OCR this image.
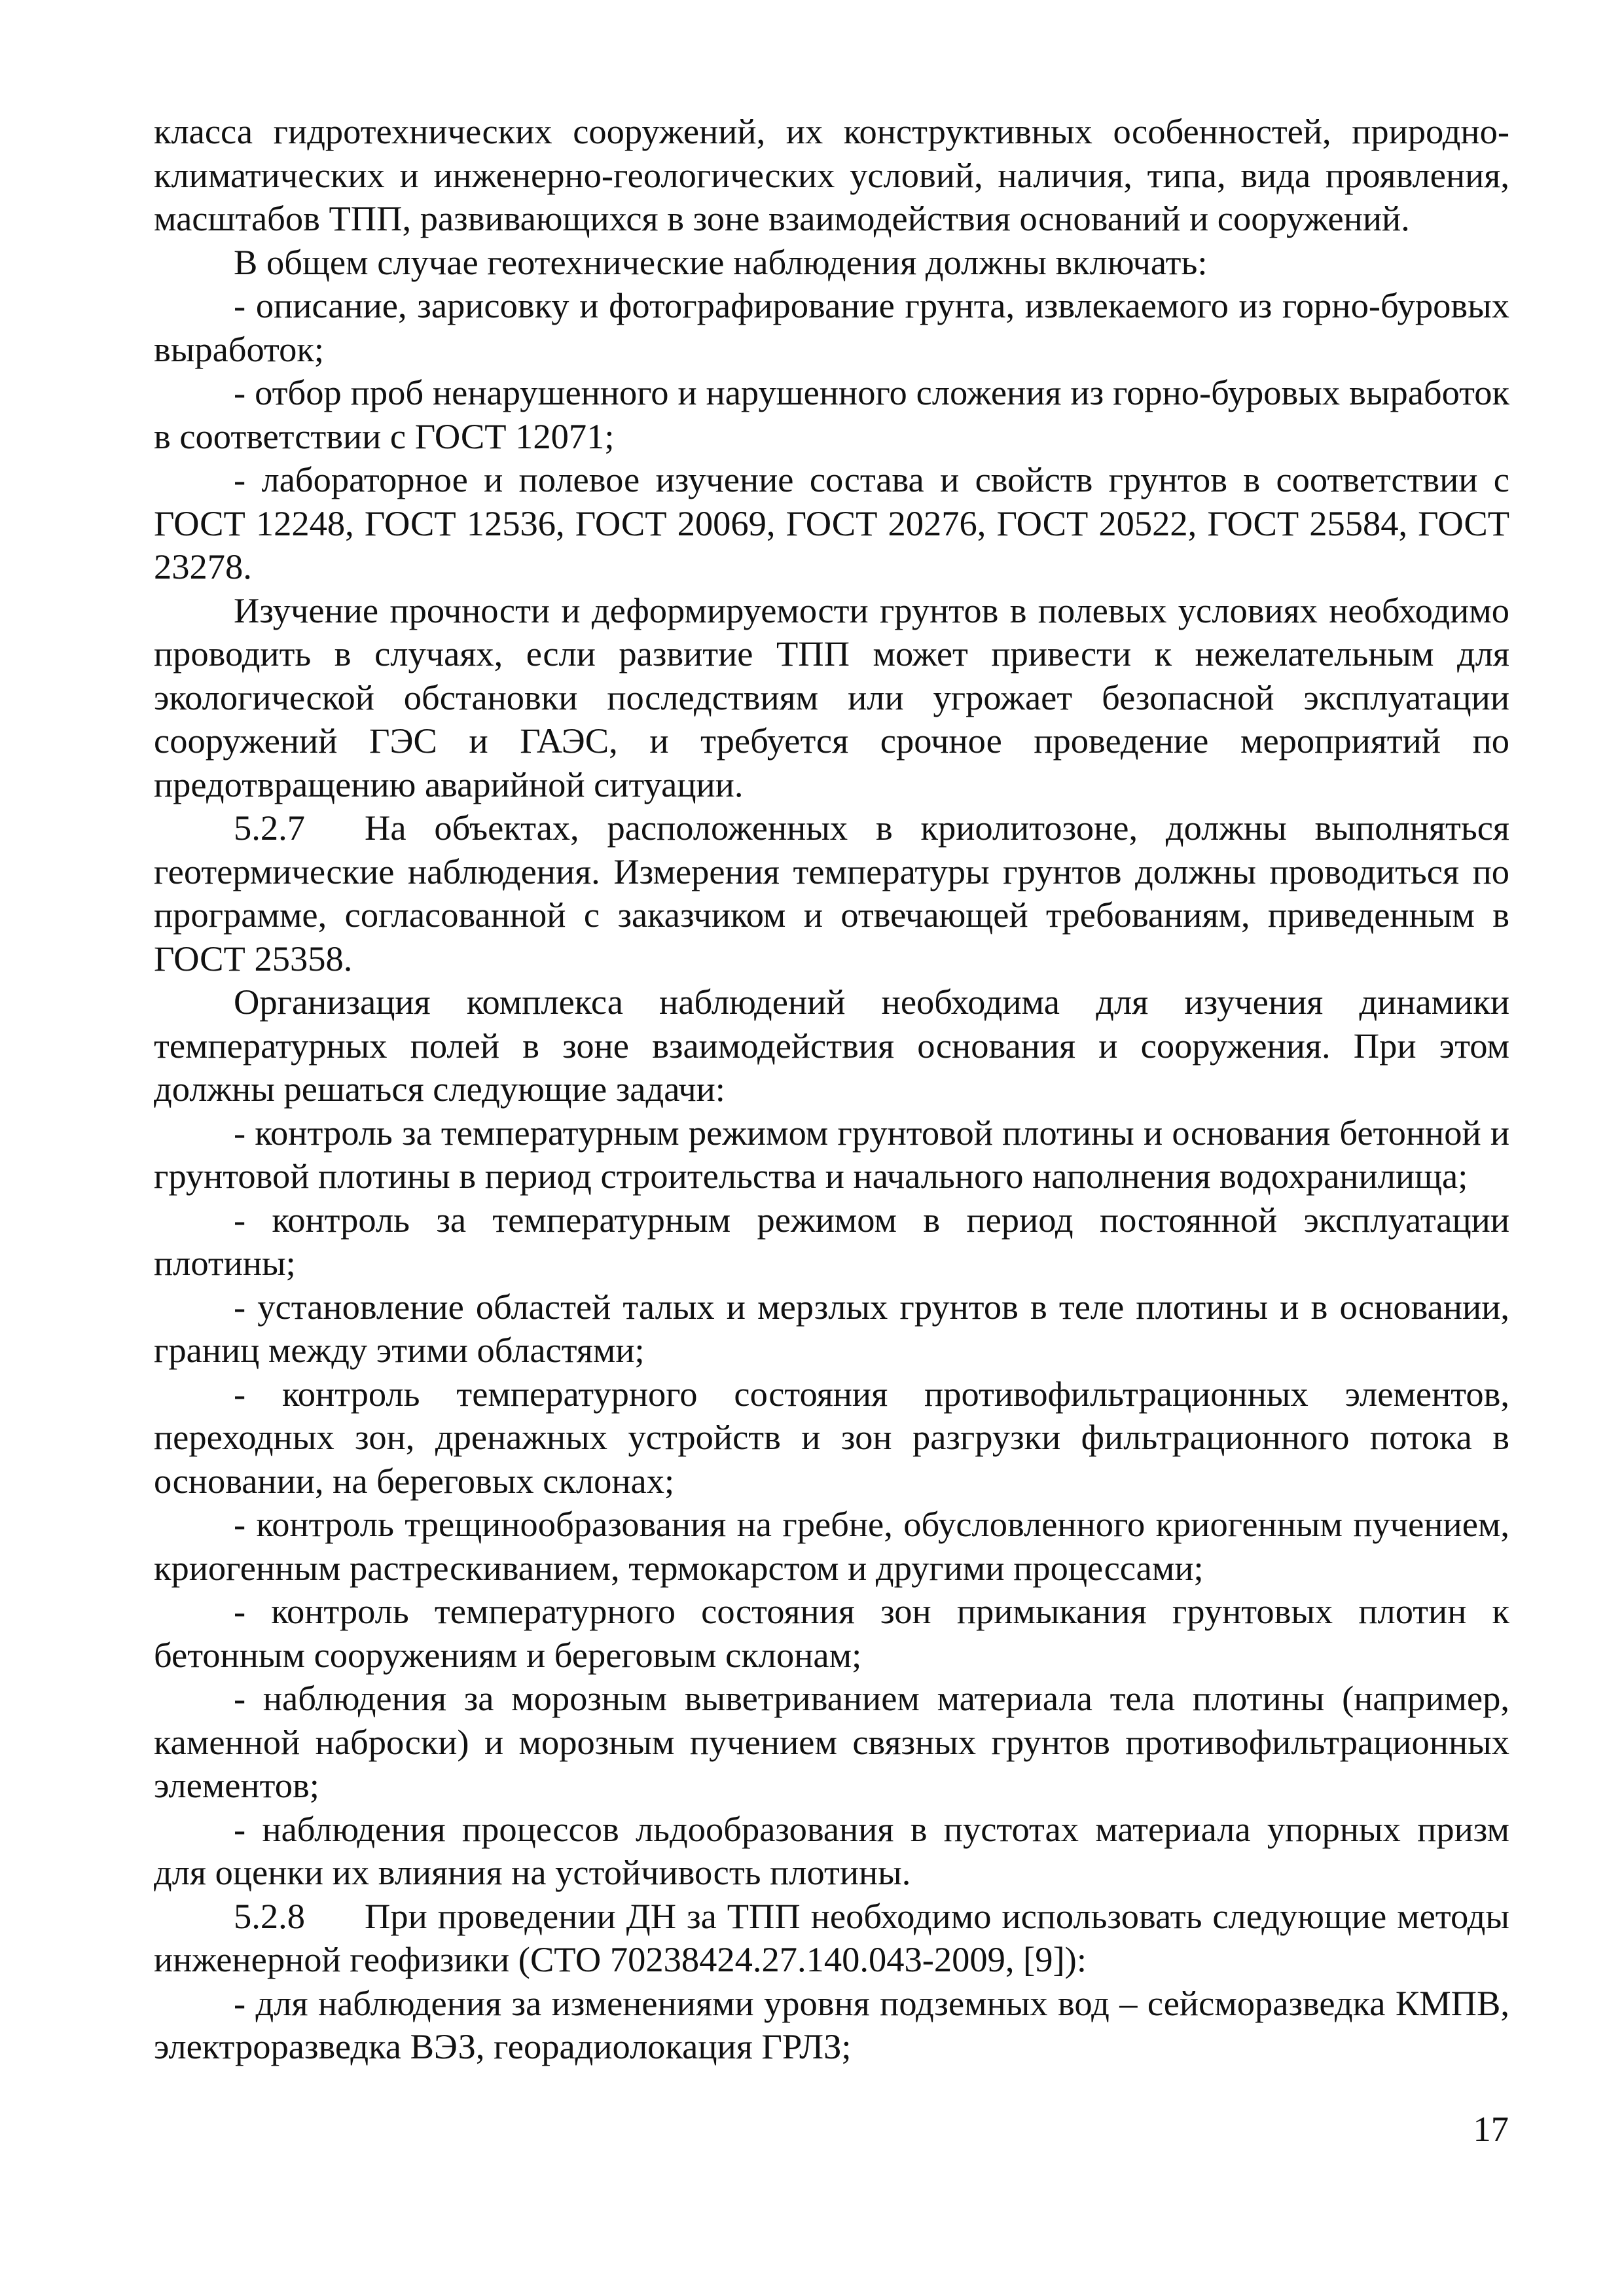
класса гидротехнических сооружений, их конструктивных особенностей, природно-климатических и инженерно-геологических условий, наличия, типа, вида проявления, масштабов ТПП, развивающихся в зоне взаимодействия оснований и сооружений.

В общем случае геотехнические наблюдения должны включать:

- описание, зарисовку и фотографирование грунта, извлекаемого из горно-буровых выработок;

- отбор проб ненарушенного и нарушенного сложения из горно-буровых выработок в соответствии с ГОСТ 12071;

- лабораторное и полевое изучение состава и свойств грунтов в соответствии с ГОСТ 12248, ГОСТ 12536, ГОСТ 20069, ГОСТ 20276, ГОСТ 20522, ГОСТ 25584, ГОСТ 23278.

Изучение прочности и деформируемости грунтов в полевых условиях необходимо проводить в случаях, если развитие ТПП может привести к нежелательным для экологической обстановки последствиям или угрожает безопасной эксплуатации сооружений ГЭС и ГАЭС, и требуется срочное проведение мероприятий по предотвращению аварийной ситуации.

5.2.7 На объектах, расположенных в криолитозоне, должны выполняться геотермические наблюдения. Измерения температуры грунтов должны проводиться по программе, согласованной с заказчиком и отвечающей требованиям, приведенным в ГОСТ 25358.

Организация комплекса наблюдений необходима для изучения динамики температурных полей в зоне взаимодействия основания и сооружения. При этом должны решаться следующие задачи:

- контроль за температурным режимом грунтовой плотины и основания бетонной и грунтовой плотины в период строительства и начального наполнения водохранилища;

- контроль за температурным режимом в период постоянной эксплуатации плотины;

- установление областей талых и мерзлых грунтов в теле плотины и в основании, границ между этими областями;

- контроль температурного состояния противофильтрационных элементов, переходных зон, дренажных устройств и зон разгрузки фильтрационного потока в основании, на береговых склонах;

- контроль трещинообразования на гребне, обусловленного криогенным пучением, криогенным растрескиванием, термокарстом и другими процессами;

- контроль температурного состояния зон примыкания грунтовых плотин к бетонным сооружениям и береговым склонам;

- наблюдения за морозным выветриванием материала тела плотины (например, каменной наброски) и морозным пучением связных грунтов противофильтрационных элементов;

- наблюдения процессов льдообразования в пустотах материала упорных призм для оценки их влияния на устойчивость плотины.

5.2.8 При проведении ДН за ТПП необходимо использовать следующие методы инженерной геофизики (СТО 70238424.27.140.043-2009, [9]):

- для наблюдения за изменениями уровня подземных вод – сейсморазведка КМПВ, электроразведка ВЭЗ, георадиолокация ГРЛЗ;

17
